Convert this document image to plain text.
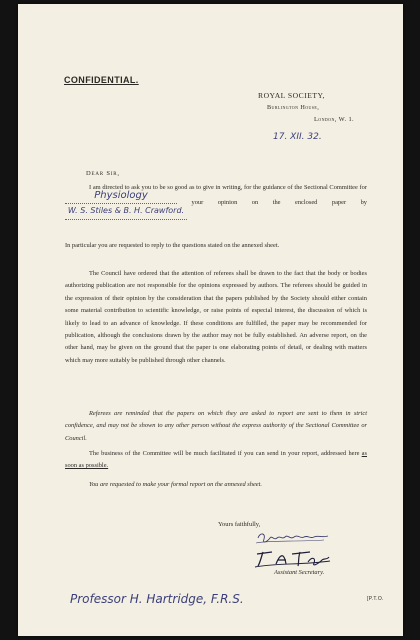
CONFIDENTIAL.
ROYAL SOCIETY,
Burlington House,
London, W. 1.
17. XII. 32.
Dear Sir,
I am directed to ask you to be so good as to give in writing, for the guidance of the Sectional Committee for
Physiology
your opinion on the enclosed paper by
W. S. Stiles & B. H. Crawford.
In particular you are requested to reply to the questions stated on the annexed sheet.
The Council have ordered that the attention of referees shall be drawn to the fact that the body or bodies authorizing publication are not responsible for the opinions expressed by authors. The referees should be guided in the expression of their opinion by the consideration that the papers published by the Society should either contain some material contribution to scientific knowledge, or raise points of especial interest, the discussion of which is likely to lead to an advance of knowledge. If these conditions are fulfilled, the paper may be recommended for publication, although the conclusions drawn by the author may not be fully established. An adverse report, on the other hand, may be given on the ground that the paper is one elaborating points of detail, or dealing with matters which may more suitably be published through other channels.
Referees are reminded that the papers on which they are asked to report are sent to them in strict confidence, and may not be shown to any other person without the express authority of the Sectional Committee or Council.
The business of the Committee will be much facilitated if you can send in your report, addressed here as soon as possible.
You are requested to make your formal report on the annexed sheet.
Yours faithfully,
Assistant Secretary.
Professor H. Hartridge, F.R.S.	[P.T.O.
